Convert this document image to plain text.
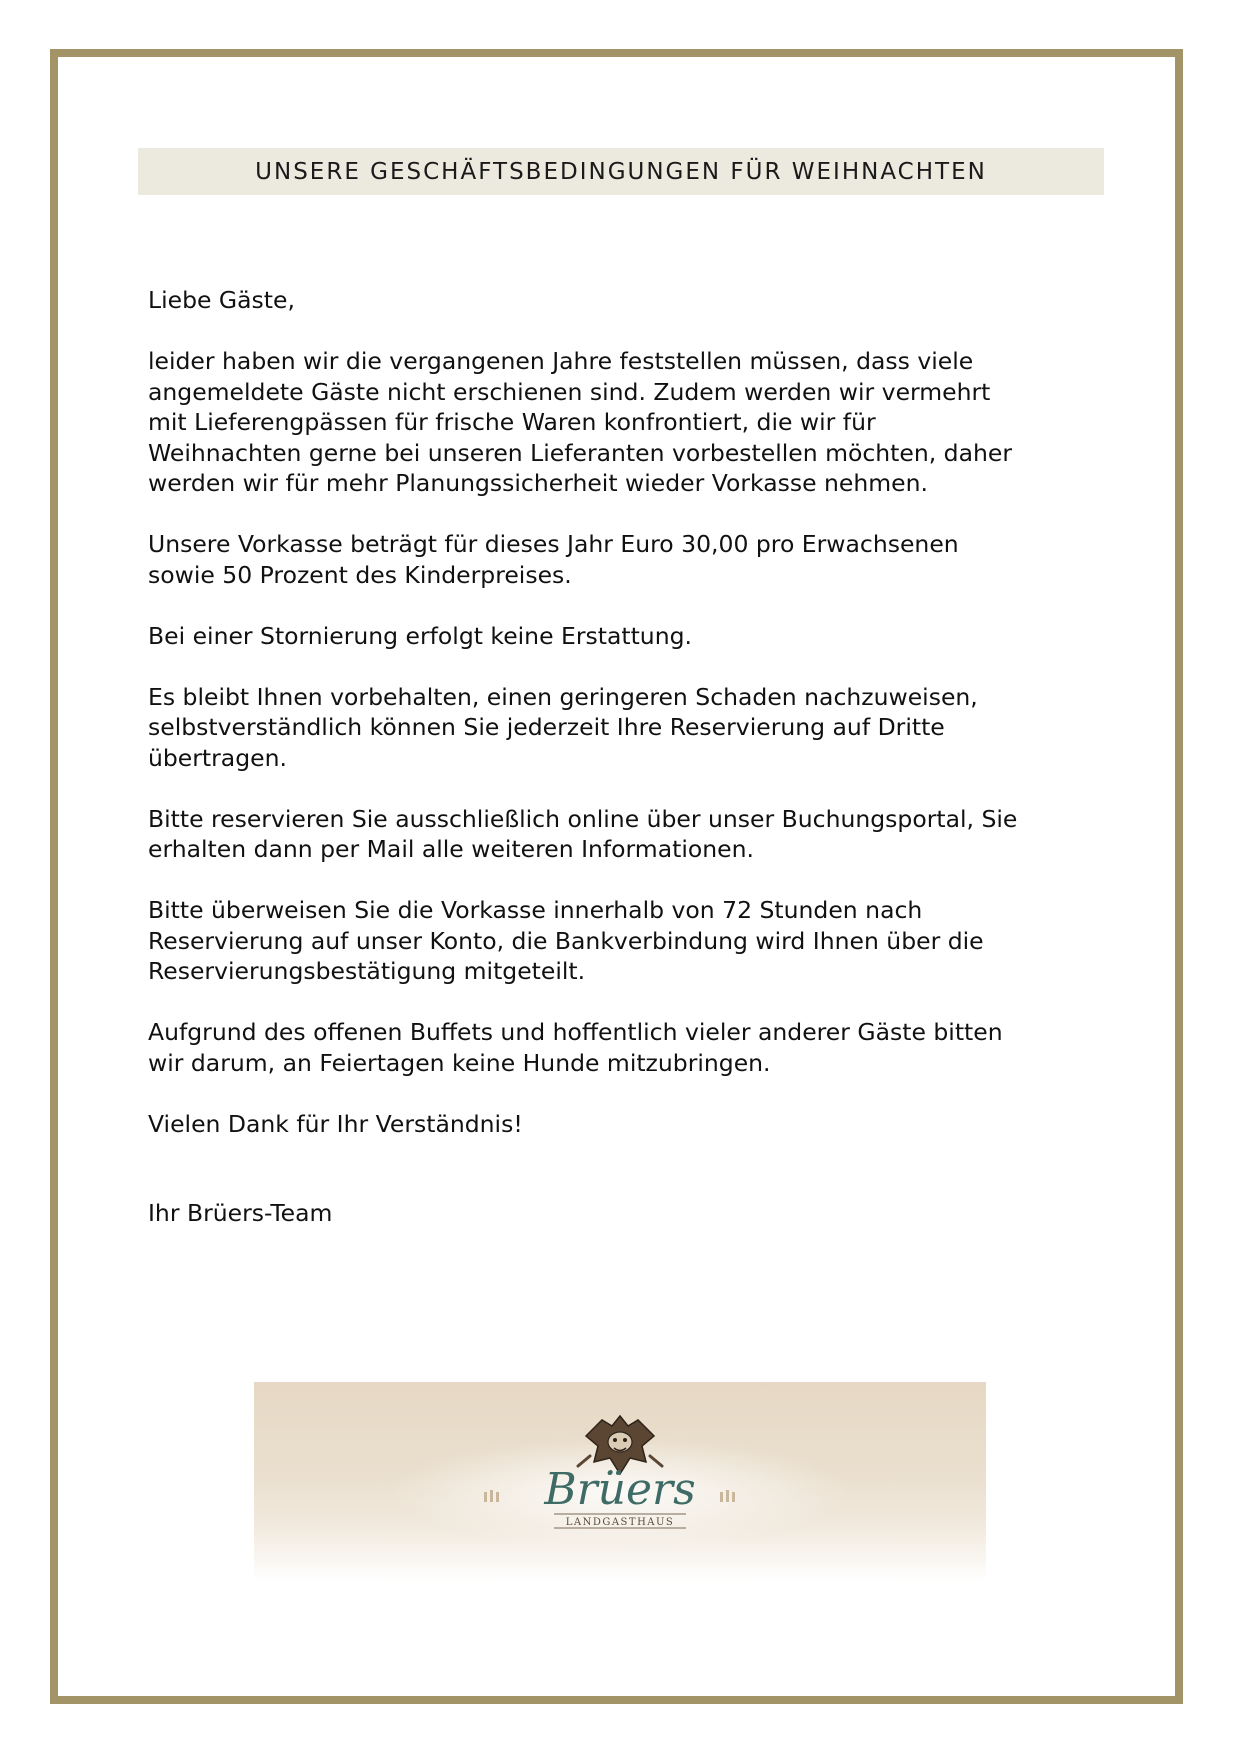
UNSERE GESCHÄFTSBEDINGUNGEN FÜR WEIHNACHTEN

Liebe Gäste,

leider haben wir die vergangenen Jahre feststellen müssen, dass viele
angemeldete Gäste nicht erschienen sind. Zudem werden wir vermehrt
mit Lieferengpässen für frische Waren konfrontiert, die wir für
Weihnachten gerne bei unseren Lieferanten vorbestellen möchten, daher
werden wir für mehr Planungssicherheit wieder Vorkasse nehmen.

Unsere Vorkasse beträgt für dieses Jahr Euro 30,00 pro Erwachsenen
sowie 50 Prozent des Kinderpreises.

Bei einer Stornierung erfolgt keine Erstattung.

Es bleibt Ihnen vorbehalten, einen geringeren Schaden nachzuweisen,
selbstverständlich können Sie jederzeit Ihre Reservierung auf Dritte
übertragen.

Bitte reservieren Sie ausschließlich online über unser Buchungsportal, Sie
erhalten dann per Mail alle weiteren Informationen.

Bitte überweisen Sie die Vorkasse innerhalb von 72 Stunden nach
Reservierung auf unser Konto, die Bankverbindung wird Ihnen über die
Reservierungsbestätigung mitgeteilt.

Aufgrund des offenen Buffets und hoffentlich vieler anderer Gäste bitten
wir darum, an Feiertagen keine Hunde mitzubringen.

Vielen Dank für Ihr Verständnis!

Ihr Brüers-Team
Brüers
LANDGASTHAUS
